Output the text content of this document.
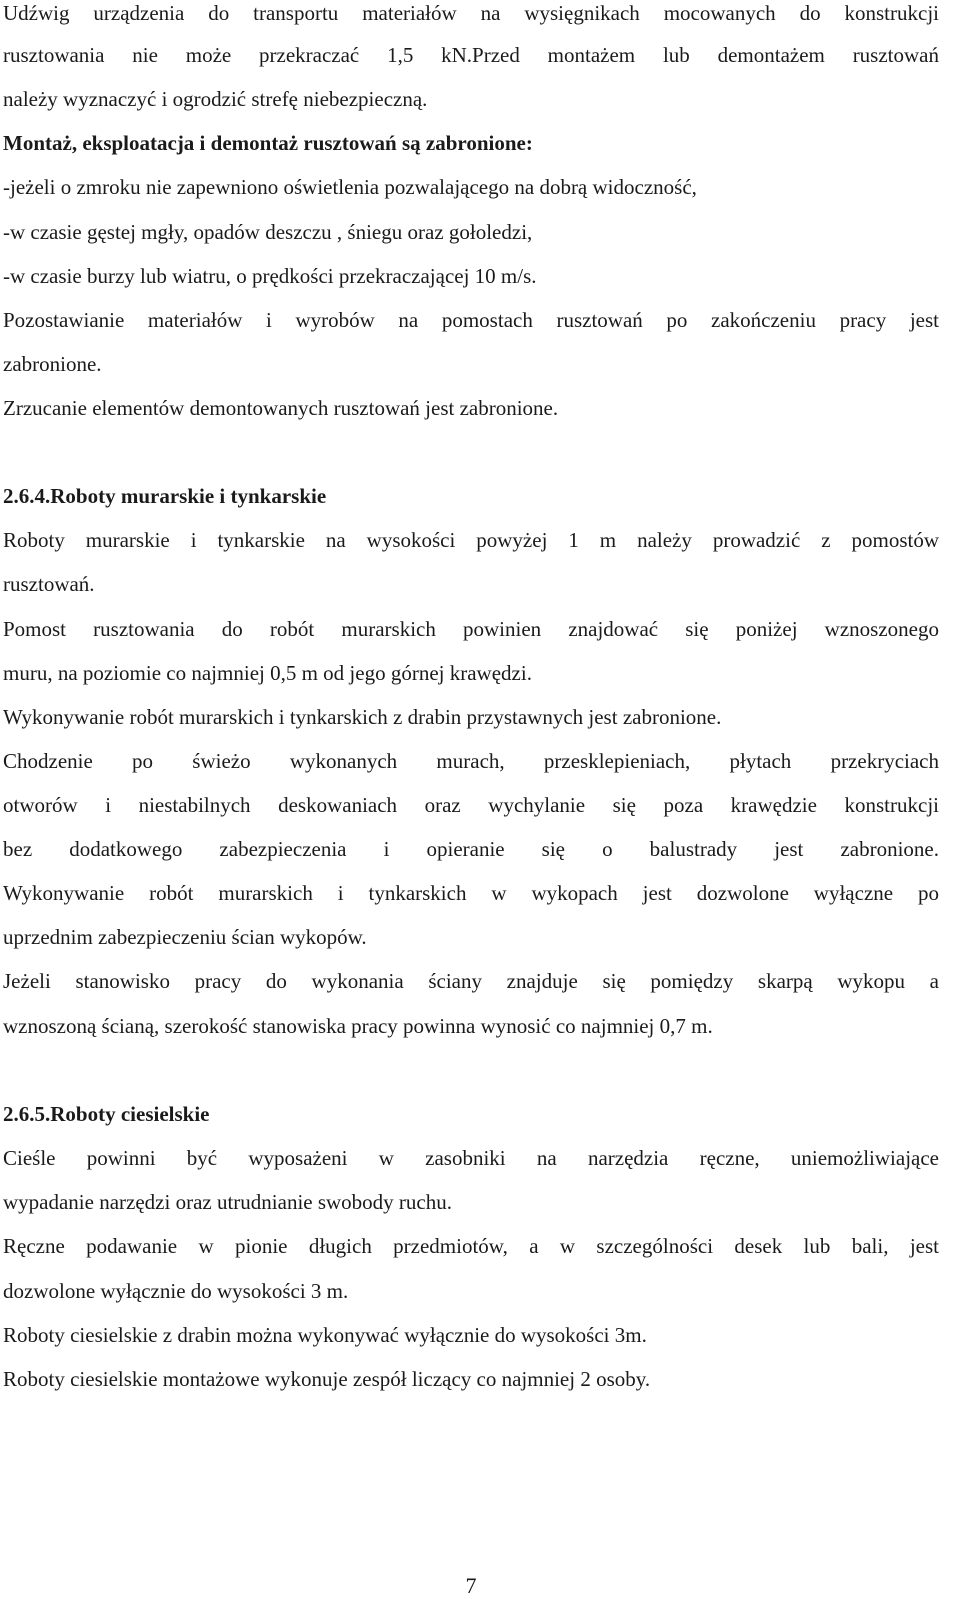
Udźwig urządzenia do transportu materiałów na wysięgnikach mocowanych do konstrukcji
rusztowania nie może przekraczać 1,5 kN.Przed montażem lub demontażem rusztowań
należy wyznaczyć i ogrodzić strefę niebezpieczną.
Montaż, eksploatacja i demontaż rusztowań są zabronione:
-jeżeli o zmroku nie zapewniono oświetlenia pozwalającego na dobrą widoczność,
-w czasie gęstej mgły, opadów deszczu , śniegu oraz gołoledzi,
-w czasie burzy lub wiatru, o prędkości przekraczającej 10 m/s.
Pozostawianie materiałów i wyrobów na pomostach rusztowań po zakończeniu pracy jest
zabronione.
Zrzucanie elementów demontowanych rusztowań jest zabronione.
2.6.4.Roboty murarskie i tynkarskie
Roboty murarskie i tynkarskie na wysokości powyżej 1 m należy prowadzić z pomostów
rusztowań.
Pomost rusztowania do robót murarskich powinien znajdować się poniżej wznoszonego
muru, na poziomie co najmniej 0,5 m od jego górnej krawędzi.
Wykonywanie robót murarskich i tynkarskich z drabin przystawnych jest zabronione.
Chodzenie po świeżo wykonanych murach, przesklepieniach, płytach przekryciach
otworów i niestabilnych deskowaniach oraz wychylanie się poza krawędzie konstrukcji
bez dodatkowego zabezpieczenia i opieranie się o balustrady jest zabronione.
Wykonywanie robót murarskich i tynkarskich w wykopach jest dozwolone wyłączne po
uprzednim zabezpieczeniu ścian wykopów.
Jeżeli stanowisko pracy do wykonania ściany znajduje się pomiędzy skarpą wykopu a
wznoszoną ścianą, szerokość stanowiska pracy powinna wynosić co najmniej 0,7 m.
2.6.5.Roboty ciesielskie
Cieśle powinni być wyposażeni w zasobniki na narzędzia ręczne, uniemożliwiające
wypadanie narzędzi oraz utrudnianie swobody ruchu.
Ręczne podawanie w pionie długich przedmiotów, a w szczególności desek lub bali, jest
dozwolone wyłącznie do wysokości 3 m.
Roboty ciesielskie z drabin można wykonywać wyłącznie do wysokości 3m.
Roboty ciesielskie montażowe wykonuje zespół liczący co najmniej 2 osoby.
7
